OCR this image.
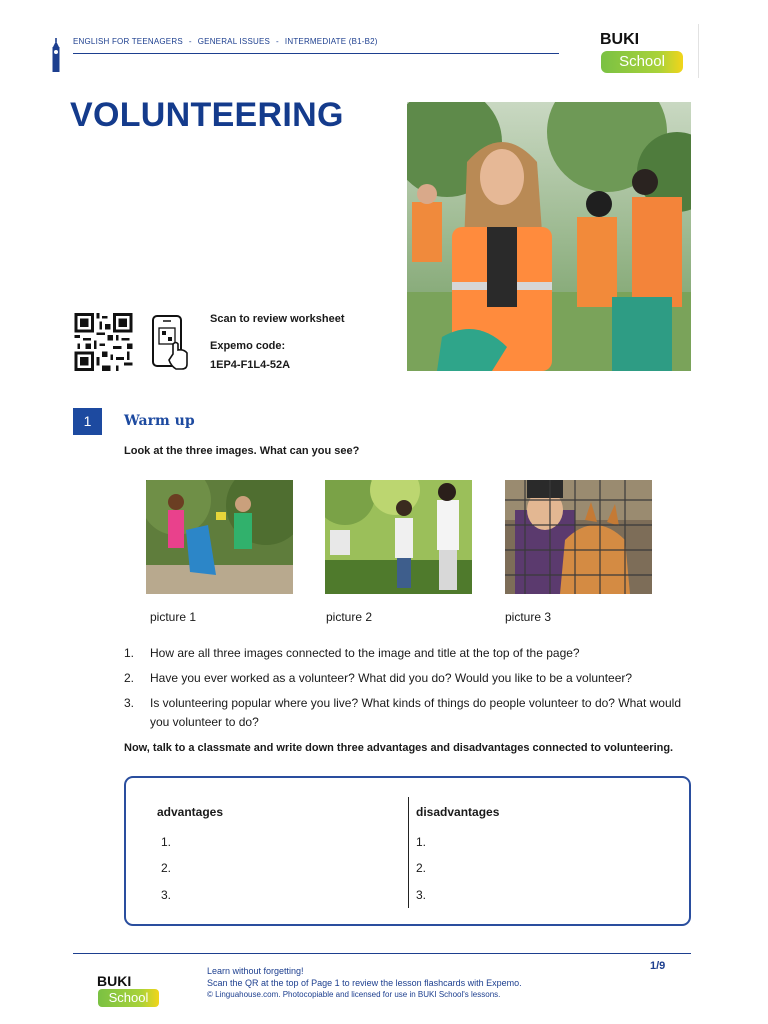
ENGLISH FOR TEENAGERS - GENERAL ISSUES - INTERMEDIATE (B1-B2)	BUKI
School
VOLUNTEERING
Scan to review worksheet
Expemo code:
1EP4-F1L4-52A
1	Warm up
Look at the three images. What can you see?
picture 1	picture 2	picture 3
1. How are all three images connected to the image and title at the top of the page?
2. Have you ever worked as a volunteer? What did you do? Would you like to be a volunteer?
3. Is volunteering popular where you live? What kinds of things do people volunteer to do? What would you volunteer to do?
Now, talk to a classmate and write down three advantages and disadvantages connected to volunteering.
advantages	disadvantages
1.
2.
3.
1.
2.
3.
BUKI
School
Learn without forgetting!
Scan the QR at the top of Page 1 to review the lesson flashcards with Expemo.
© Linguahouse.com. Photocopiable and licensed for use in BUKI School's lessons.
1/9
